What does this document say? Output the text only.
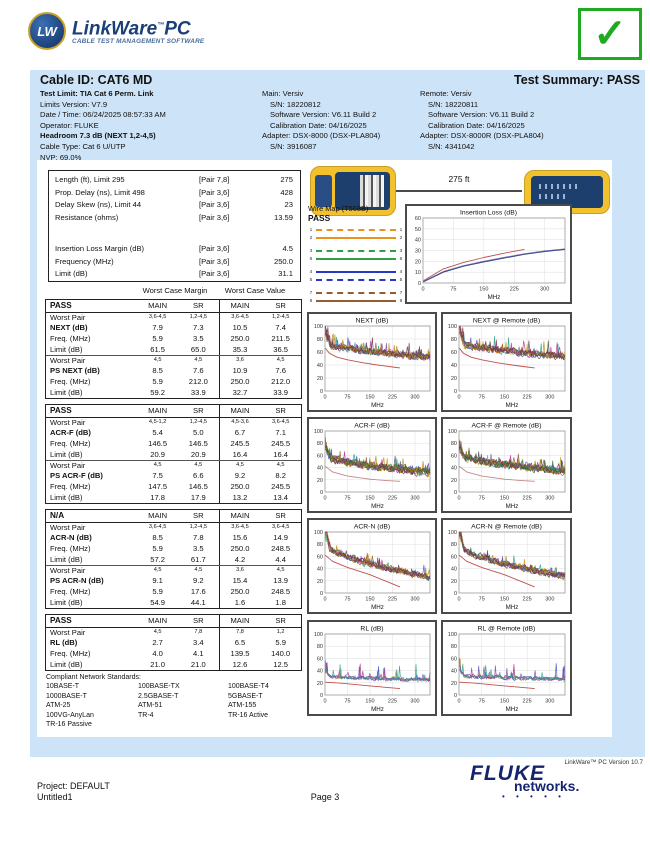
LW LinkWare™PC
CABLE TEST MANAGEMENT SOFTWARE	✓
Cable ID: CAT6 MD	Test Summary: PASS
Test Limit: TIA Cat 6 Perm. Link
Limits Version: V7.9
Date / Time: 06/24/2025 08:57:33 AM
Operator: FLUKE
Headroom 7.3 dB (NEXT 1,2-4,5)
Cable Type: Cat 6 U/UTP
NVP: 69.0%
Main: Versiv
S/N: 18220812
Software Version: V6.11 Build 2
Calibration Date: 04/16/2025
Adapter: DSX-8000 (DSX-PLA804)
S/N: 3916087
Remote: Versiv
S/N: 18220811
Software Version: V6.11 Build 2
Calibration Date: 04/16/2025
Adapter: DSX-8000R (DSX-PLA804)
S/N: 4341042
Length (ft), Limit 295	[Pair 7,8]	275
Prop. Delay (ns), Limit 498	[Pair 3,6]	428
Delay Skew (ns), Limit 44	[Pair 3,6]	23
Resistance (ohms)	[Pair 3,6]	13.59
Insertion Loss Margin (dB)	[Pair 3,6]	4.5
Frequency (MHz)	[Pair 3,6]	250.0
Limit (dB)	[Pair 3,6]	31.1
Worst Case Margin	Worst Case Value
PASS	MAIN	SR	MAIN	SR
Worst Pair	3,6-4,5	1,2-4,5	3,6-4,5	1,2-4,5
NEXT (dB)	7.9	7.3	10.5	7.4
Freq. (MHz)	5.9	3.5	250.0	211.5
Limit (dB)	61.5	65.0	35.3	36.5
Worst Pair	4,5	4,5	3,6	4,5
PS NEXT (dB)	8.5	7.6	10.9	7.6
Freq. (MHz)	5.9	212.0	250.0	212.0
Limit (dB)	59.2	33.9	32.7	33.9
PASS	MAIN	SR	MAIN	SR
Worst Pair	4,5-1,2	1,2-4,5	4,5-3,6	3,6-4,5
ACR-F (dB)	5.4	5.0	6.7	7.1
Freq. (MHz)	146.5	146.5	245.5	245.5
Limit (dB)	20.9	20.9	16.4	16.4
Worst Pair	4,5	4,5	4,5	4,5
PS ACR-F (dB)	7.5	6.6	9.2	8.2
Freq. (MHz)	147.5	146.5	250.0	245.5
Limit (dB)	17.8	17.9	13.2	13.4
N/A	MAIN	SR	MAIN	SR
Worst Pair	3,6-4,5	1,2-4,5	3,6-4,5	3,6-4,5
ACR-N (dB)	8.5	7.8	15.6	14.9
Freq. (MHz)	5.9	3.5	250.0	248.5
Limit (dB)	57.2	61.7	4.2	4.4
Worst Pair	4,5	4,5	3,6	4,5
PS ACR-N (dB)	9.1	9.2	15.4	13.9
Freq. (MHz)	5.9	17.6	250.0	248.5
Limit (dB)	54.9	44.1	1.6	1.8
PASS	MAIN	SR	MAIN	SR
Worst Pair	4,5	7,8	7,8	1,2
RL (dB)	2.7	3.4	6.5	5.9
Freq. (MHz)	4.0	4.1	139.5	140.0
Limit (dB)	21.0	21.0	12.6	12.5
Compliant Network Standards:
10BASE-T
1000BASE-T
ATM-25
100VG-AnyLan
TR-16 Passive
100BASE-TX
2.5GBASE-T
ATM-51
TR-4
100BASE-T4
5GBASE-T
ATM-155
TR-16 Active
275 ft
Wire Map (T568B)
PASS
1	1
2	2
3	3
6	6
4	4
5	5
7	7
8	8
Insertion Loss (dB)
0
10
20
30
40
50
60
0	75	150	225	300
MHz
NEXT (dB)
0
20
40
60
80
100
0	75	150 225 300
MHz
NEXT @ Remote (dB)
0
20
40
60
80
100
0	75	150 225 300
MHz
ACR-F (dB)
0
20
40
60
80
100
0	75	150 225 300
MHz
ACR-F @ Remote (dB)
0
20
40
60
80
100
0	75	150 225 300
MHz
ACR-N (dB)
0
20
40
60
80
100
0	75	150 225 300
MHz
ACR-N @ Remote (dB)
0
20
40
60
80
100
0	75	150 225 300
MHz
RL (dB)
0
20
40
60
80
100
0	75	150 225 300
MHz
RL @ Remote (dB)
0
20
40
60
80
100
0	75	150 225 300
MHz
LinkWare™ PC Version 10.7
Project: DEFAULT
Untitled1	Page 3
FLUKE
networks.
• • • • •
